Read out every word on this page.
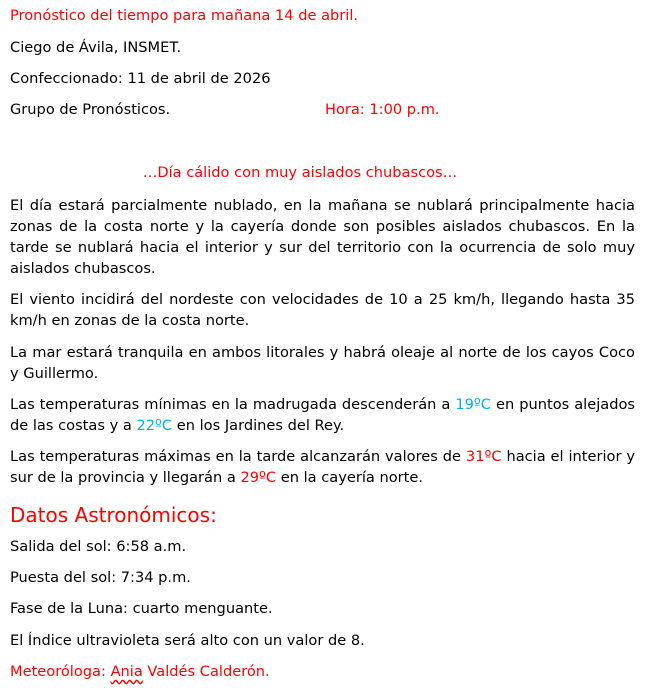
Pronóstico del tiempo para mañana 14 de abril.
Ciego de Ávila, INSMET.
Confeccionado: 11 de abril de 2026
Grupo de Pronósticos.	Hora: 1:00 p.m.
…Día cálido con muy aislados chubascos…
El día estará parcialmente nublado, en la mañana se nublará principalmente hacia zonas de la costa norte y la cayería donde son posibles aislados chubascos. En la tarde se nublará hacia el interior y sur del territorio con la ocurrencia de solo muy aislados chubascos.
El viento incidirá del nordeste con velocidades de 10 a 25 km/h, llegando hasta 35 km/h en zonas de la costa norte.
La mar estará tranquila en ambos litorales y habrá oleaje al norte de los cayos Coco y Guillermo.
Las temperaturas mínimas en la madrugada descenderán a 19ºC en puntos alejados de las costas y a 22ºC en los Jardines del Rey.
Las temperaturas máximas en la tarde alcanzarán valores de 31ºC hacia el interior y sur de la provincia y llegarán a 29ºC en la cayería norte.
Datos Astronómicos:
Salida del sol: 6:58 a.m.
Puesta del sol: 7:34 p.m.
Fase de la Luna: cuarto menguante.
El Índice ultravioleta será alto con un valor de 8.
Meteoróloga: Ania Valdés Calderón.
